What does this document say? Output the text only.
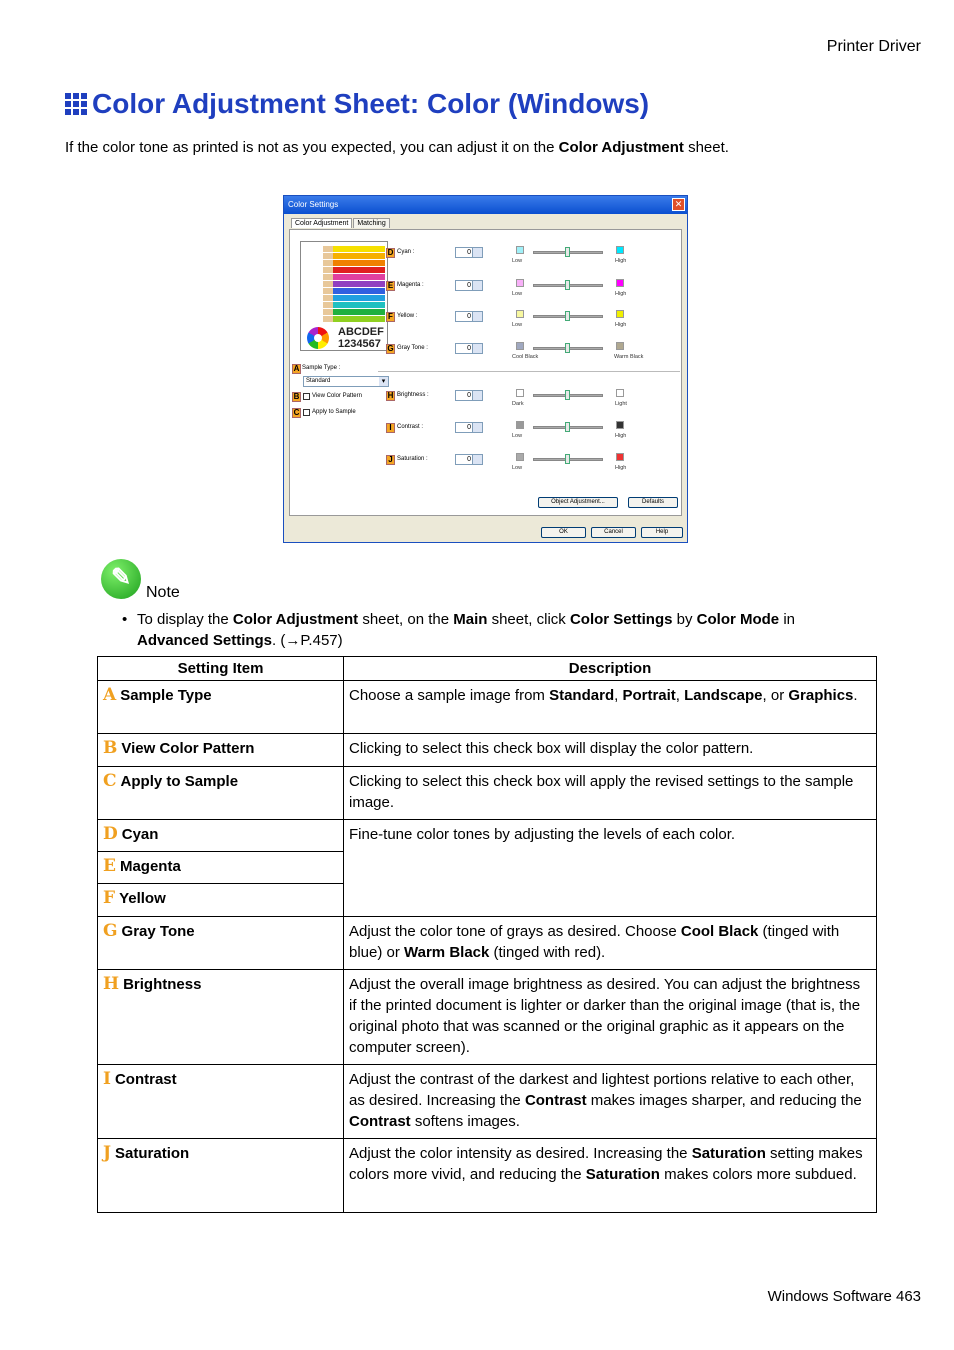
Printer Driver
Color Adjustment Sheet: Color (Windows)
If the color tone as printed is not as you expected, you can adjust it on the Color Adjustment sheet.
Color Settings	✕
Color Adjustment	Matching
ABCDEF
1234567
A Sample Type :
Standard ▾
B View Color Pattern
C Apply to Sample
D Cyan :	0
Low	High
E Magenta :	0
Low	High
F Yellow :	0
Low	High
G Gray Tone :	0
Cool Black	Warm Black
H Brightness :	0
Dark	Light
I Contrast :	0
Low	High
J Saturation :	0
Low	High
Object Adjustment...	Defaults
OK	Cancel	Help
✎
Note
• To display the Color Adjustment sheet, on the Main sheet, click Color Settings by Color Mode in Advanced Settings. (→P.457)
Setting Item	Description
A Sample Type	Choose a sample image from Standard, Portrait, Landscape, or Graphics.
B View Color Pattern	Clicking to select this check box will display the color pattern.
C Apply to Sample	Clicking to select this check box will apply the revised settings to the sample image.
D Cyan	Fine-tune color tones by adjusting the levels of each color.
E Magenta	
F Yellow	
G Gray Tone	Adjust the color tone of grays as desired. Choose Cool Black (tinged with blue) or Warm Black (tinged with red).
H Brightness	Adjust the overall image brightness as desired. You can adjust the brightness if the printed document is lighter or darker than the original image (that is, the original photo that was scanned or the original graphic as it appears on the computer screen).
I Contrast	Adjust the contrast of the darkest and lightest portions relative to each other, as desired. Increasing the Contrast makes images sharper, and reducing the Contrast softens images.
J Saturation	Adjust the color intensity as desired. Increasing the Saturation setting makes colors more vivid, and reducing the Saturation makes colors more subdued.
Windows Software 463
